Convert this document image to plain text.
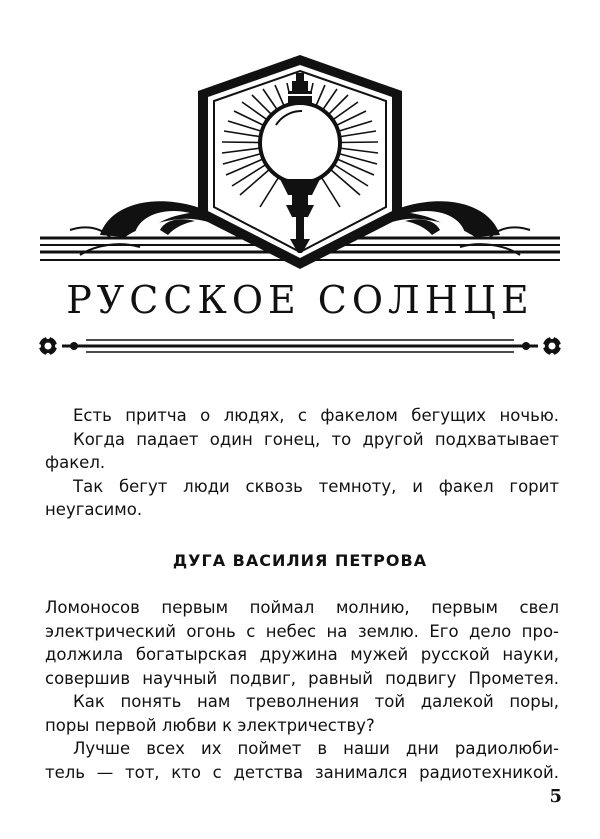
РУССКОЕ СОЛНЦЕ
Есть притча о людях, с факелом бегущих ночью.
Когда падает один гонец, то другой подхватывает
факел.
Так бегут люди сквозь темноту, и факел горит
неугасимо.
ДУГА ВАСИЛИЯ ПЕТРОВА
Ломоносов первым поймал молнию, первым свел
электрический огонь с небес на землю. Его дело про-
должила богатырская дружина мужей русской науки,
совершив научный подвиг, равный подвигу Прометея.
Как понять нам треволнения той далекой поры,
поры первой любви к электричеству?
Лучше всех их поймет в наши дни радиолюби-
тель — тот, кто с детства занимался радиотехникой.
5
